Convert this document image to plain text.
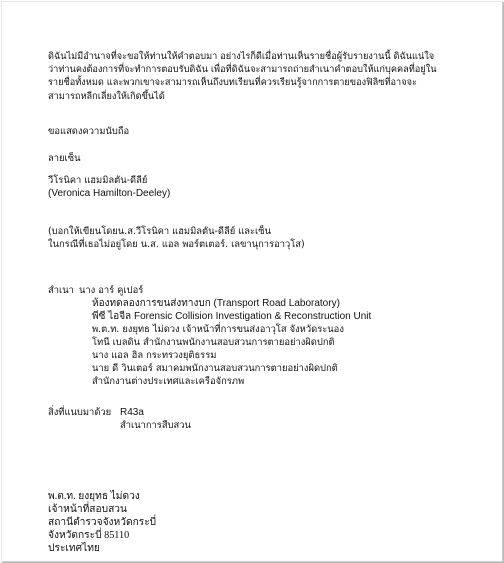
ดิฉันไม่มีอำนาจที่จะขอให้ท่านให้คำตอบมา อย่างไรก็ดีเมื่อท่านเห็นรายชื่อผู้รับรายงานนี้ ดิฉันแน่ใจ
ว่าท่านคงต้องการที่จะทำการตอบรับดิฉัน เพื่อที่ดิฉันจะสามารถถ่ายสำเนาคำตอบให้แก่บุคคลที่อยู่ใน
รายชื่อทั้งหมด และพวกเขาจะสามารถเห็นถึงบทเรียนที่ควรเรียนรู้จากการตายของฟิลิซที่อาจจะ
สามารถหลีกเลี่ยงให้เกิดขึ้นได้
ขอแสดงความนับถือ
ลายเซ็น
วีโรนิคา แฮมมิลตัน-ดีลีย์
(Veronica Hamilton-Deeley)
(บอกให้เขียนโดยน.ส.วีโรนิคา แฮมมิลตัน-ดีลีย์ และเซ็น
ในกรณีที่เธอไม่อยู่โดย น.ส. แอล พอร์ตเตอร์. เลขานุการอาวุโส)
สำเนา นาง อาร์ คูเปอร์
ห้องทดลองการขนส่งทางบก (Transport Road Laboratory)
พีซี ไอจีล Forensic Collision Investigation & Reconstruction Unit
พ.ต.ท. ยงยุทธ ไม่ดวง เจ้าหน้าที่การขนส่งอาวุโส จังหวัดระนอง
โทนี เบลดิน สำนักงานพนักงานสอบสวนการตายอย่างผิดปกติ
นาง แอล ฮิล กระทรวงยุติธรรม
นาย ดี วินเตอร์ สมาคมพนักงานสอบสวนการตายอย่างผิดปกติ
สำนักงานต่างประเทศและเครือจักรภพ
สิ่งที่แนบมาด้วย R43a
สำเนาการสืบสวน
พ.ต.ท. ยงยุทธ ไม่ดวง
เจ้าหน้าที่สอบสวน
สถานีตำรวจจังหวัดกระบี่
จังหวัดกระบี่ 85110
ประเทศไทย
